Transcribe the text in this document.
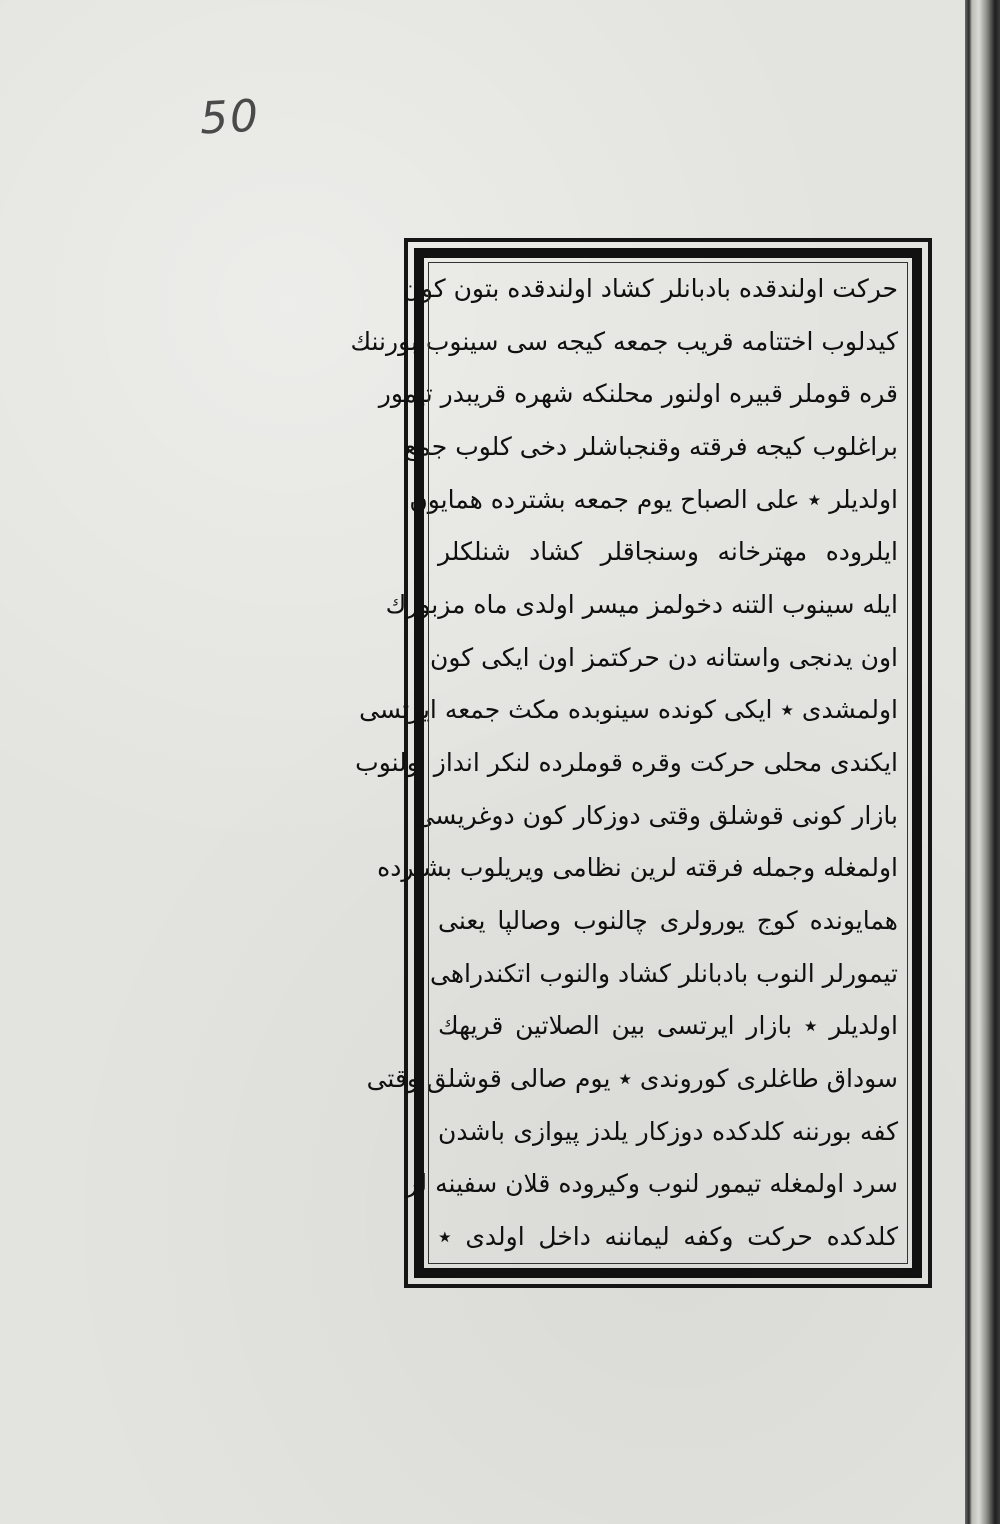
50
حركت اولندقده بادبانلر كشاد اولندقده بتون كون
كيدلوب اختتامه قريب جمعه كيجه سى سينوب بورننك
قره قوملر قبيره اولنور محلنكه شهره قريبدر تيمور
براغلوب كيجه فرقته وقنجباشلر دخى كلوب جمع
اولديلر ٭ على الصباح يوم جمعه بشترده همايون
ايلروده مهترخانه وسنجاقلر كشاد شنلكلر
ايله سينوب التنه دخولمز ميسر اولدى ماه مزبورك
اون يدنجى واستانه دن حركتمز اون ايكى كون
اولمشدى ٭ ايكى كونده سينوبده مكث جمعه ايرتسى
ايكندى محلى حركت وقره قوملرده لنكر انداز اولنوب
بازار كونى قوشلق وقتى دوزكار كون دوغريسى
اولمغله وجمله فرقته لرين نظامى ويريلوب بشترده
همايونده كوج يورولرى چالنوب وصالپا يعنى
تيمورلر النوب بادبانلر كشاد والنوب اتكندراهى
اولديلر ٭ بازار ايرتسى بين الصلاتين قريهك
سوداق طاغلرى كوروندى ٭ يوم صالى قوشلق وقتى
كفه بورننه كلدكده دوزكار يلدز پيوازى باشدن
سرد اولمغله تيمور لنوب وكيروده قلان سفينه لر
كلدكده حركت وكفه ليماننه داخل اولدى ٭
